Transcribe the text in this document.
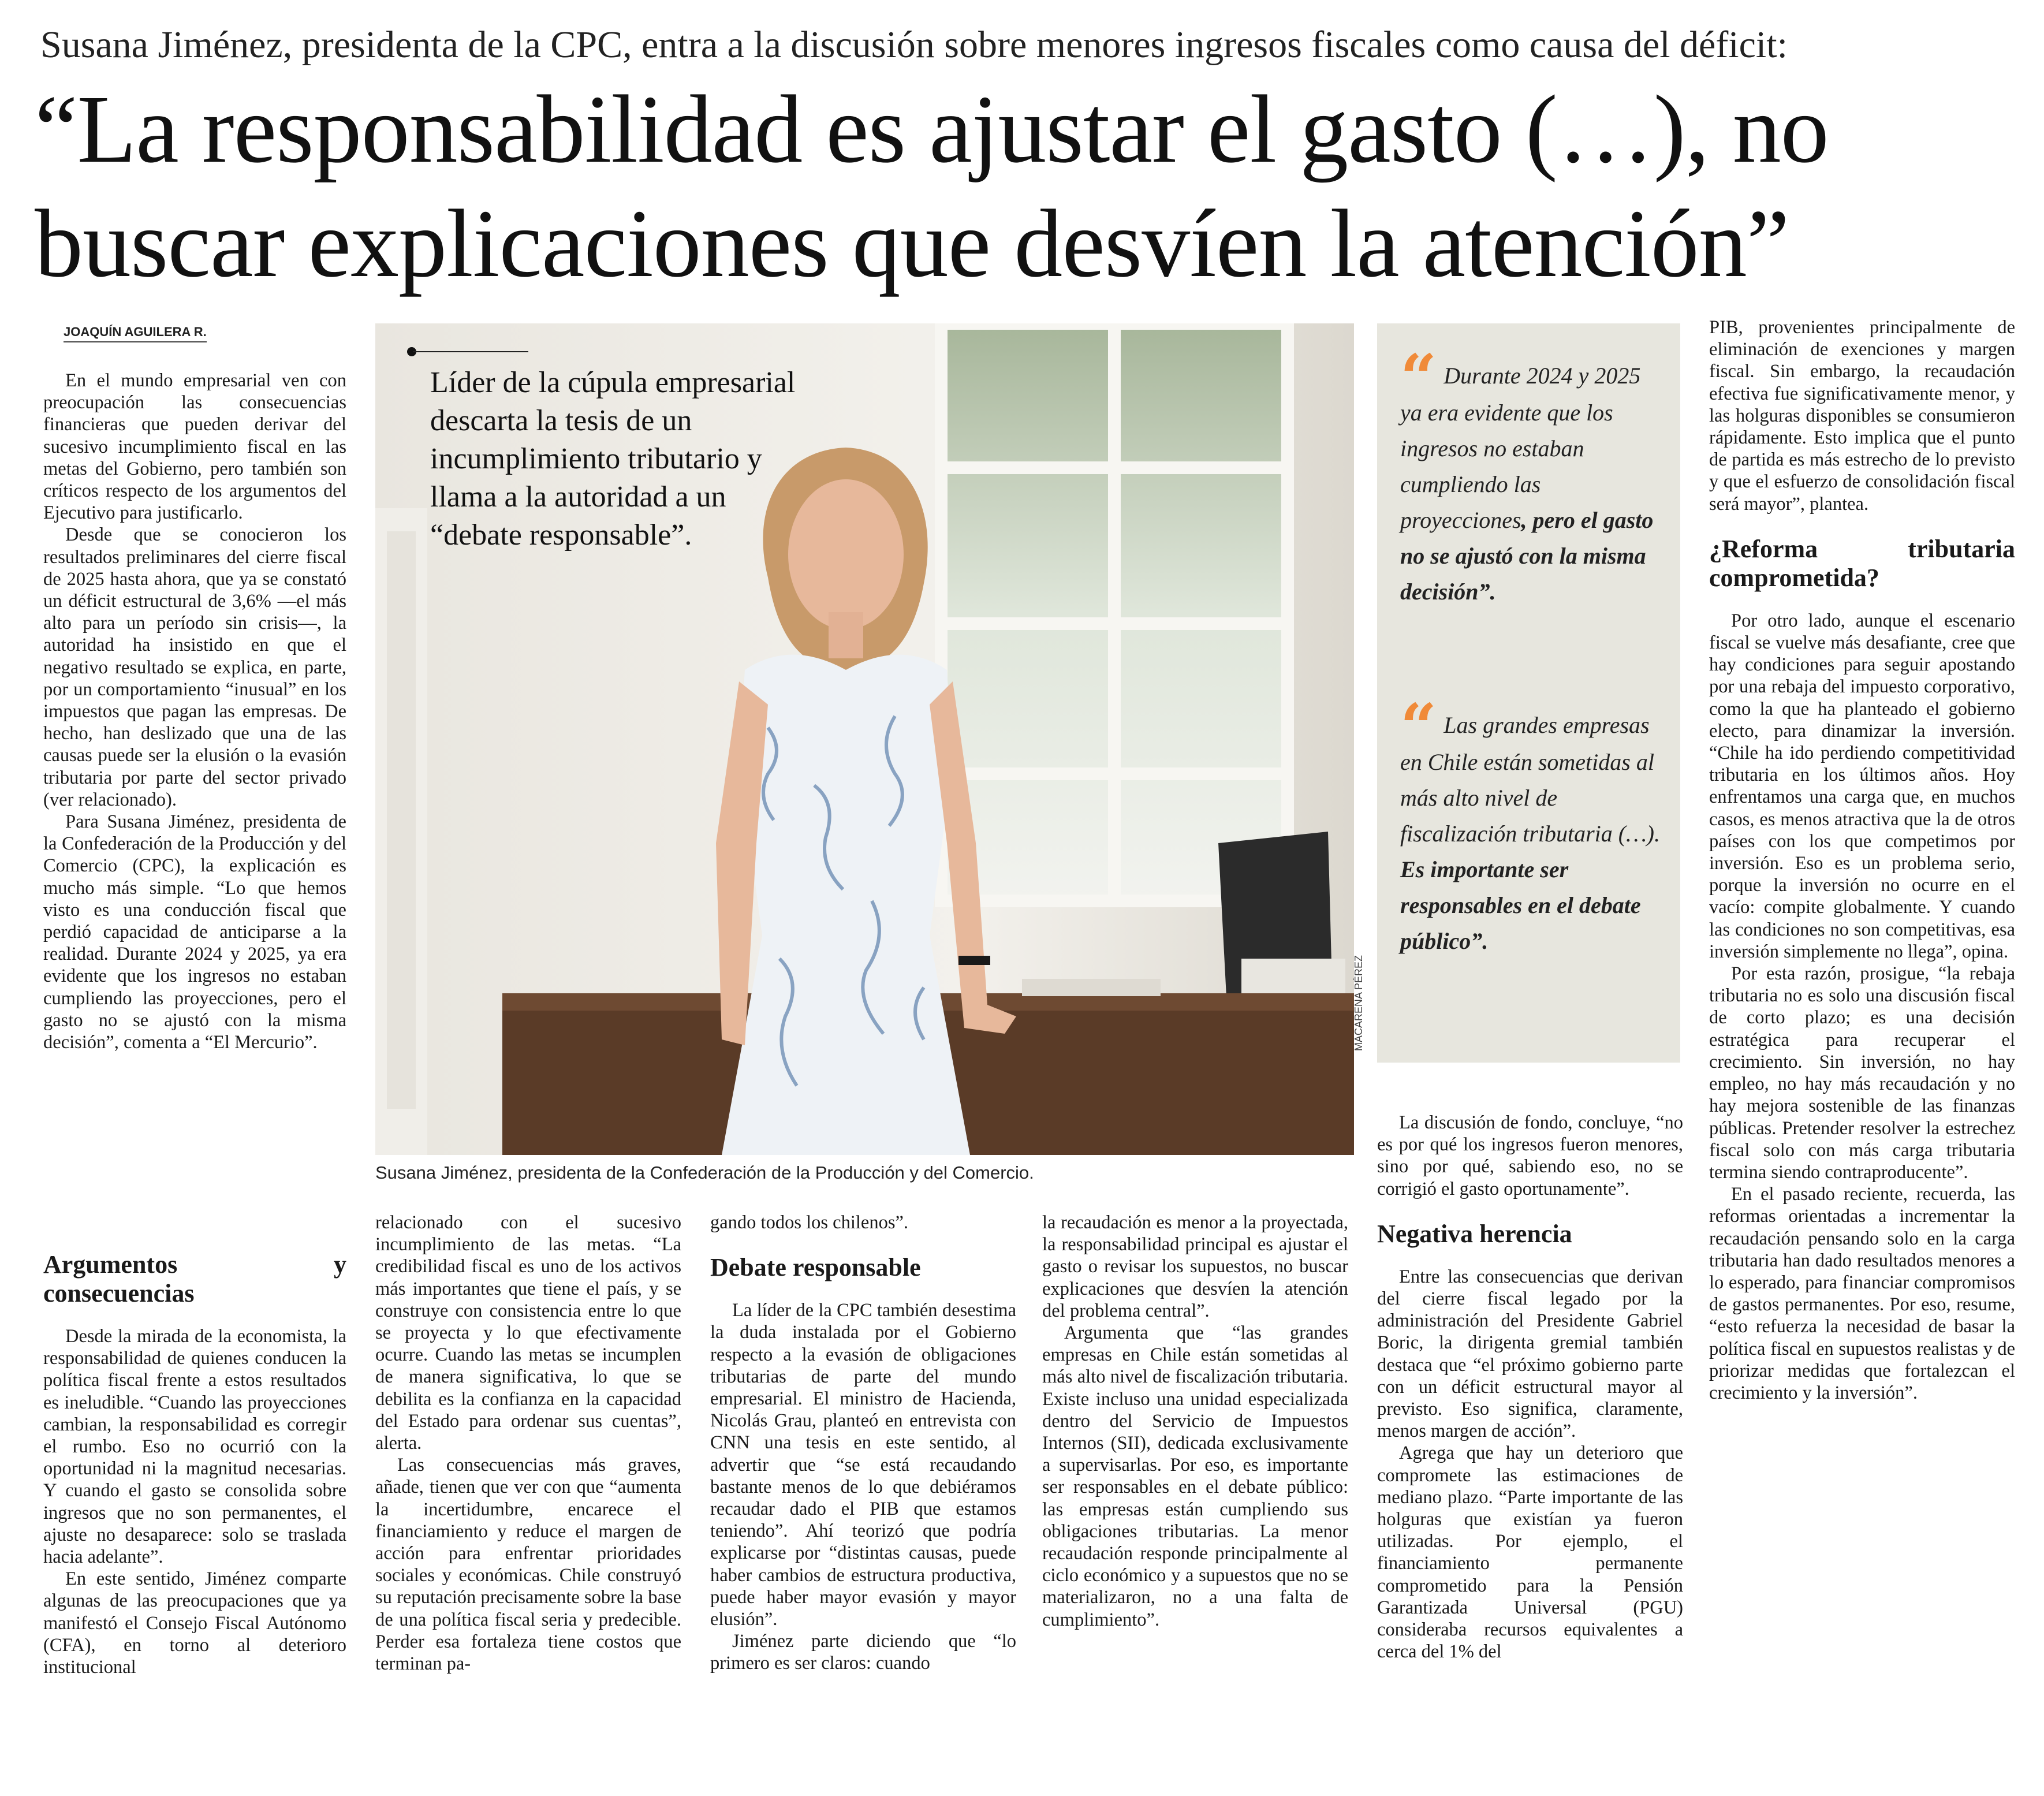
Susana Jiménez, presidenta de la CPC, entra a la discusión sobre menores ingresos fiscales como causa del déficit:
“La responsabilidad es ajustar el gasto (…), no
buscar explicaciones que desvíen la atención”
JOAQUÍN AGUILERA R.

En el mundo empresarial ven con preocupación las consecuencias financieras que pueden derivar del sucesivo incumplimiento fiscal en las metas del Gobierno, pero también son críticos respecto de los argumentos del Ejecutivo para justificarlo.

Desde que se conocieron los resultados preliminares del cierre fiscal de 2025 hasta ahora, que ya se constató un déficit estructural de 3,6% —el más alto para un período sin crisis—, la autoridad ha insistido en que el negativo resultado se explica, en parte, por un comportamiento “inusual” en los impuestos que pagan las empresas. De hecho, han deslizado que una de las causas puede ser la elusión o la evasión tributaria por parte del sector privado (ver relacionado).

Para Susana Jiménez, presidenta de la Confederación de la Producción y del Comercio (CPC), la explicación es mucho más simple. “Lo que hemos visto es una conducción fiscal que perdió capacidad de anticiparse a la realidad. Durante 2024 y 2025, ya era evidente que los ingresos no estaban cumpliendo las proyecciones, pero el gasto no se ajustó con la misma decisión”, comenta a “El Mercurio”.

Argumentos y consecuencias

Desde la mirada de la economista, la responsabilidad de quienes conducen la política fiscal frente a estos resultados es ineludible. “Cuando las proyecciones cambian, la responsabilidad es corregir el rumbo. Eso no ocurrió con la oportunidad ni la magnitud necesarias. Y cuando el gasto se consolida sobre ingresos que no son permanentes, el ajuste no desaparece: solo se traslada hacia adelante”.

En este sentido, Jiménez comparte algunas de las preocupaciones que ya manifestó el Consejo Fiscal Autónomo (CFA), en torno al deterioro institucional

Líder de la cúpula empresarial descarta la tesis de un incumplimiento tributario y llama a la autoridad a un “debate responsable”.
MACARENA PÉREZ
Susana Jiménez, presidenta de la Confederación de la Producción y del Comercio.
“ Durante 2024 y 2025 ya era evidente que los ingresos no estaban cumpliendo las proyecciones, pero el gasto no se ajustó con la misma decisión”.
“ Las grandes empresas en Chile están sometidas al más alto nivel de fiscalización tributaria (…). Es importante ser responsables en el debate público”.

relacionado con el sucesivo incumplimiento de las metas. “La credibilidad fiscal es uno de los activos más importantes que tiene el país, y se construye con consistencia entre lo que se proyecta y lo que efectivamente ocurre. Cuando las metas se incumplen de manera significativa, lo que se debilita es la confianza en la capacidad del Estado para ordenar sus cuentas”, alerta.

Las consecuencias más graves, añade, tienen que ver con que “aumenta la incertidumbre, encarece el financiamiento y reduce el margen de acción para enfrentar prioridades sociales y económicas. Chile construyó su reputación precisamente sobre la base de una política fiscal seria y predecible. Perder esa fortaleza tiene costos que terminan pa-

gando todos los chilenos”.

Debate responsable

La líder de la CPC también desestima la duda instalada por el Gobierno respecto a la evasión de obligaciones tributarias de parte del mundo empresarial. El ministro de Hacienda, Nicolás Grau, planteó en entrevista con CNN una tesis en este sentido, al advertir que “se está recaudando bastante menos de lo que debiéramos recaudar dado el PIB que estamos teniendo”. Ahí teorizó que podría explicarse por “distintas causas, puede haber cambios de estructura productiva, puede haber mayor evasión y mayor elusión”.

Jiménez parte diciendo que “lo primero es ser claros: cuando

la recaudación es menor a la proyectada, la responsabilidad principal es ajustar el gasto o revisar los supuestos, no buscar explicaciones que desvíen la atención del problema central”.

Argumenta que “las grandes empresas en Chile están sometidas al más alto nivel de fiscalización tributaria. Existe incluso una unidad especializada dentro del Servicio de Impuestos Internos (SII), dedicada exclusivamente a supervisarlas. Por eso, es importante ser responsables en el debate público: las empresas están cumpliendo sus obligaciones tributarias. La menor recaudación responde principalmente al ciclo económico y a supuestos que no se materializaron, no a una falta de cumplimiento”.

La discusión de fondo, concluye, “no es por qué los ingresos fueron menores, sino por qué, sabiendo eso, no se corrigió el gasto oportunamente”.

Negativa herencia

Entre las consecuencias que derivan del cierre fiscal legado por la administración del Presidente Gabriel Boric, la dirigenta gremial también destaca que “el próximo gobierno parte con un déficit estructural mayor al previsto. Eso significa, claramente, menos margen de acción”.

Agrega que hay un deterioro que compromete las estimaciones de mediano plazo. “Parte importante de las holguras que existían ya fueron utilizadas. Por ejemplo, el financiamiento permanente comprometido para la Pensión Garantizada Universal (PGU) consideraba recursos equivalentes a cerca del 1% del

PIB, provenientes principalmente de eliminación de exenciones y margen fiscal. Sin embargo, la recaudación efectiva fue significativamente menor, y las holguras disponibles se consumieron rápidamente. Esto implica que el punto de partida es más estrecho de lo previsto y que el esfuerzo de consolidación fiscal será mayor”, plantea.

¿Reforma tributaria comprometida?

Por otro lado, aunque el escenario fiscal se vuelve más desafiante, cree que hay condiciones para seguir apostando por una rebaja del impuesto corporativo, como la que ha planteado el gobierno electo, para dinamizar la inversión. “Chile ha ido perdiendo competitividad tributaria en los últimos años. Hoy enfrentamos una carga que, en muchos casos, es menos atractiva que la de otros países con los que competimos por inversión. Eso es un problema serio, porque la inversión no ocurre en el vacío: compite globalmente. Y cuando las condiciones no son competitivas, esa inversión simplemente no llega”, opina.

Por esta razón, prosigue, “la rebaja tributaria no es solo una discusión fiscal de corto plazo; es una decisión estratégica para recuperar el crecimiento. Sin inversión, no hay empleo, no hay más recaudación y no hay mejora sostenible de las finanzas públicas. Pretender resolver la estrechez fiscal solo con más carga tributaria termina siendo contraproducente”.

En el pasado reciente, recuerda, las reformas orientadas a incrementar la recaudación pensando solo en la carga tributaria han dado resultados menores a lo esperado, para financiar compromisos de gastos permanentes. Por eso, resume, “esto refuerza la necesidad de basar la política fiscal en supuestos realistas y de priorizar medidas que fortalezcan el crecimiento y la inversión”.
